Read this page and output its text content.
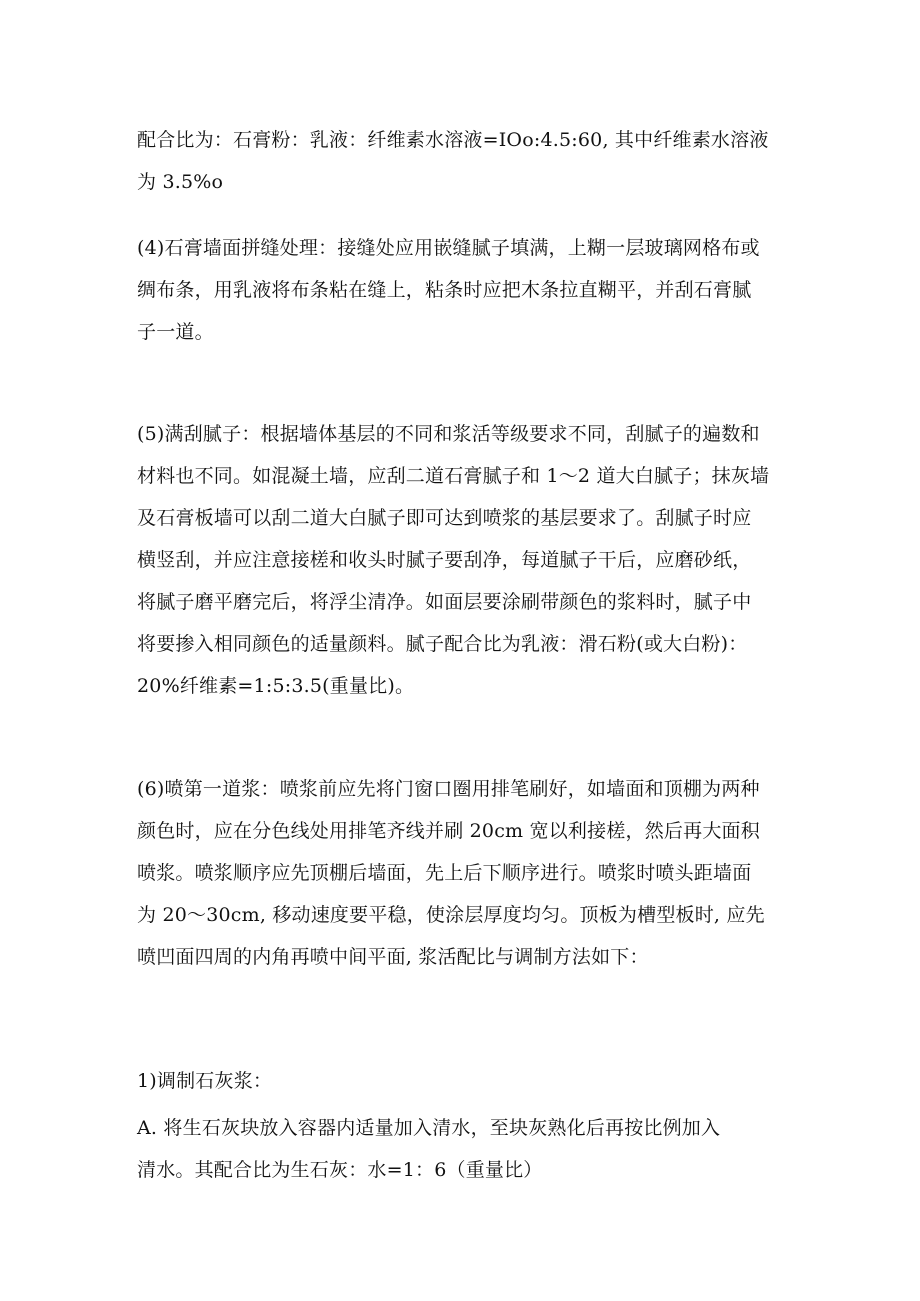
配合比为：石膏粉：乳液：纤维素水溶液=IOo:4.5:60, 其中纤维素水溶液
为 3.5%o

(4)石膏墙面拼缝处理：接缝处应用嵌缝腻子填满，上糊一层玻璃网格布或
绸布条，用乳液将布条粘在缝上，粘条时应把木条拉直糊平，并刮石膏腻
子一道。

(5)满刮腻子：根据墙体基层的不同和浆活等级要求不同，刮腻子的遍数和
材料也不同。如混凝土墙，应刮二道石膏腻子和 1～2 道大白腻子；抹灰墙
及石膏板墙可以刮二道大白腻子即可达到喷浆的基层要求了。刮腻子时应
横竖刮，并应注意接槎和收头时腻子要刮净，每道腻子干后，应磨砂纸，
将腻子磨平磨完后，将浮尘清净。如面层要涂刷带颜色的浆料时，腻子中
将要掺入相同颜色的适量颜料。腻子配合比为乳液：滑石粉(或大白粉)：
20%纤维素=1:5:3.5(重量比)。

(6)喷第一道浆：喷浆前应先将门窗口圈用排笔刷好，如墙面和顶棚为两种
颜色时，应在分色线处用排笔齐线并刷 20cm 宽以利接槎，然后再大面积
喷浆。喷浆顺序应先顶棚后墙面，先上后下顺序进行。喷浆时喷头距墙面
为 20～30cm, 移动速度要平稳，使涂层厚度均匀。顶板为槽型板时, 应先
喷凹面四周的内角再喷中间平面, 浆活配比与调制方法如下：

1)调制石灰浆：

A. 将生石灰块放入容器内适量加入清水，至块灰熟化后再按比例加入
清水。其配合比为生石灰：水=1：6（重量比）
